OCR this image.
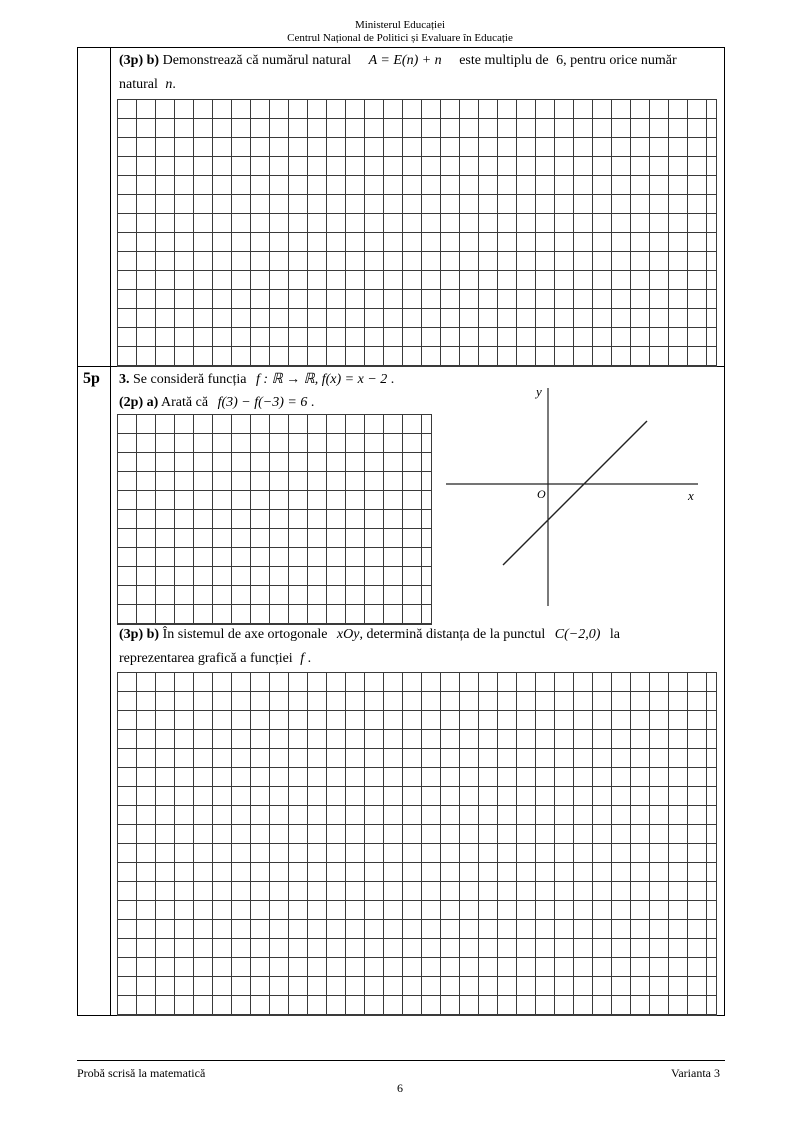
Ministerul Educației
Centrul Național de Politici și Evaluare în Educație
(3p) b) Demonstrează că numărul natural A = E(n) + n este multiplu de 6, pentru orice număr
natural n.
5p 3. Se consideră funcția f : ℝ → ℝ, f(x) = x − 2 .
(2p) a) Arată că f(3) − f(−3) = 6 .
y
x
O
(3p) b) În sistemul de axe ortogonale xOy, determină distanța de la punctul C(−2,0) la
reprezentarea grafică a funcției f .
Probă scrisă la matematică	Varianta 3
6
